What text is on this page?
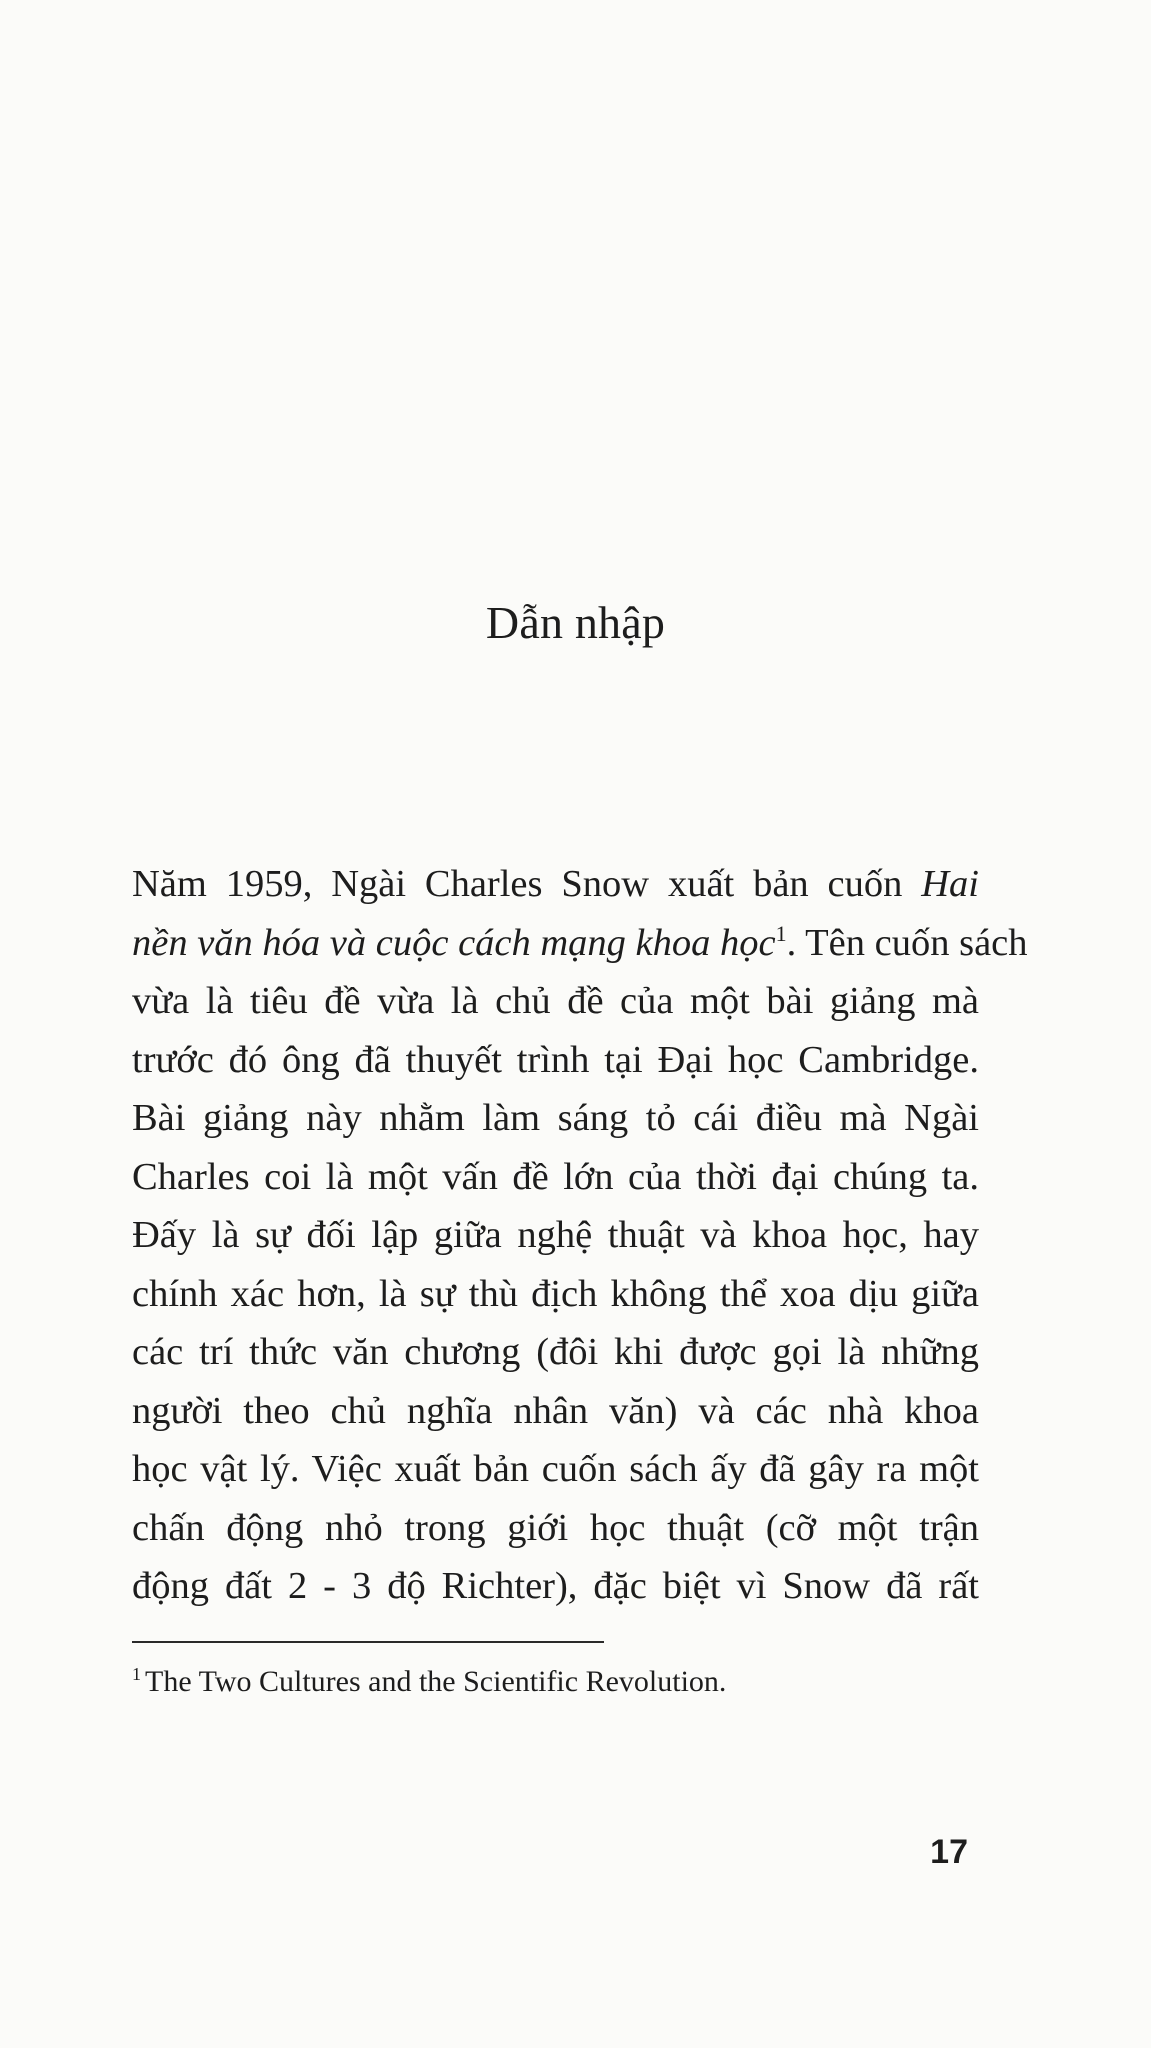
Dẫn nhập
Năm 1959, Ngài Charles Snow xuất bản cuốn Hai
nền văn hóa và cuộc cách mạng khoa học$^1$. Tên cuốn sách
vừa là tiêu đề vừa là chủ đề của một bài giảng mà
trước đó ông đã thuyết trình tại Đại học Cambridge.
Bài giảng này nhằm làm sáng tỏ cái điều mà Ngài
Charles coi là một vấn đề lớn của thời đại chúng ta.
Đấy là sự đối lập giữa nghệ thuật và khoa học, hay
chính xác hơn, là sự thù địch không thể xoa dịu giữa
các trí thức văn chương (đôi khi được gọi là những
người theo chủ nghĩa nhân văn) và các nhà khoa
học vật lý. Việc xuất bản cuốn sách ấy đã gây ra một
chấn động nhỏ trong giới học thuật (cỡ một trận
động đất 2 - 3 độ Richter), đặc biệt vì Snow đã rất

$^1$ The Two Cultures and the Scientific Revolution.

17
